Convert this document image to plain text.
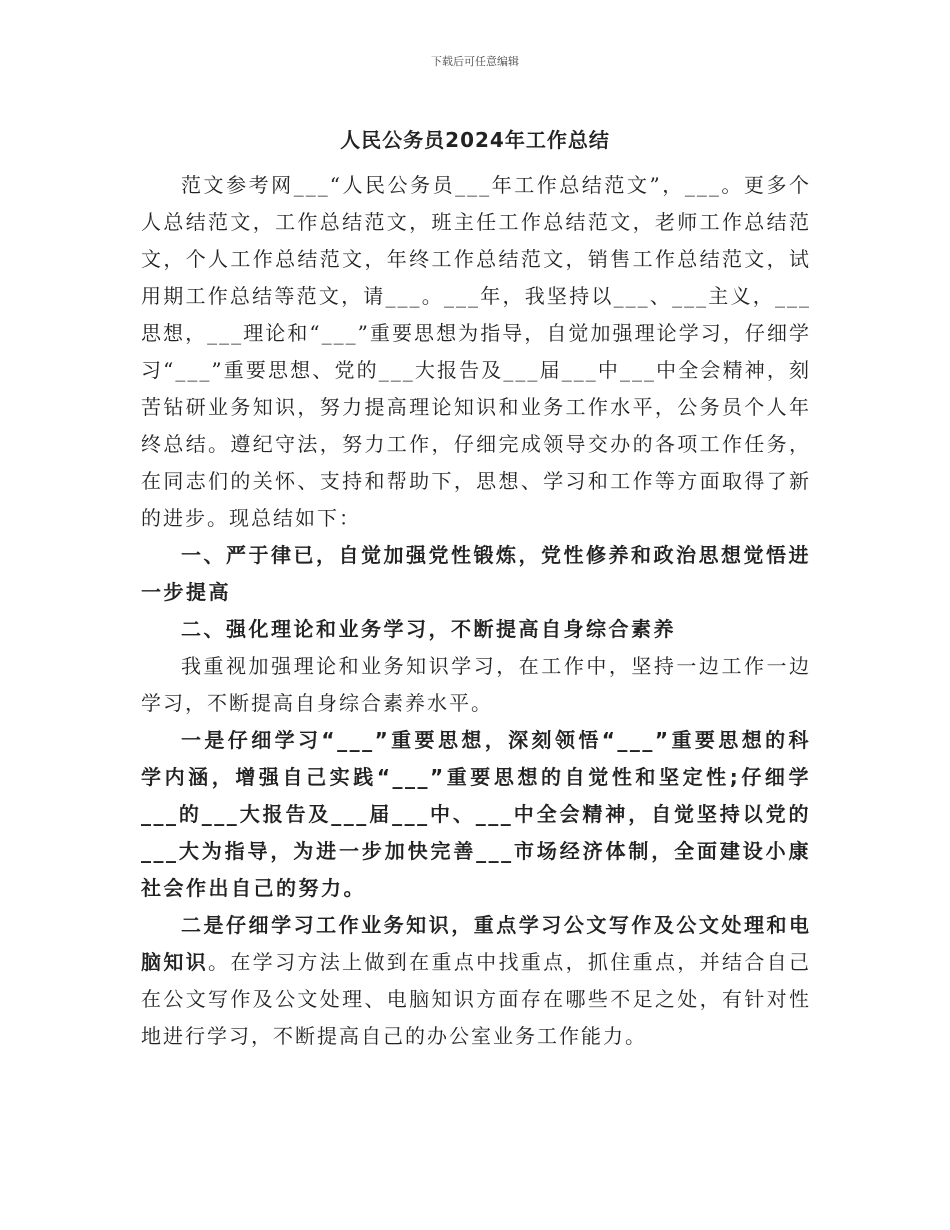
下载后可任意编辑
人民公务员2024年工作总结

范文参考网___“人民公务员___年工作总结范文”，___。更多个人总结范文，工作总结范文，班主任工作总结范文，老师工作总结范文，个人工作总结范文，年终工作总结范文，销售工作总结范文，试用期工作总结等范文，请___。___年，我坚持以___、___主义，___思想，___理论和“___”重要思想为指导，自觉加强理论学习，仔细学习“___”重要思想、党的___大报告及___届___中___中全会精神，刻苦钻研业务知识，努力提高理论知识和业务工作水平，公务员个人年终总结。遵纪守法，努力工作，仔细完成领导交办的各项工作任务，在同志们的关怀、支持和帮助下，思想、学习和工作等方面取得了新的进步。现总结如下：

一、严于律已，自觉加强党性锻炼，党性修养和政治思想觉悟进一步提高

二、强化理论和业务学习，不断提高自身综合素养

我重视加强理论和业务知识学习，在工作中，坚持一边工作一边学习，不断提高自身综合素养水平。

一是仔细学习“___”重要思想，深刻领悟“___”重要思想的科学内涵，增强自己实践“___”重要思想的自觉性和坚定性;仔细学___的___大报告及___届___中、___中全会精神，自觉坚持以党的___大为指导，为进一步加快完善___市场经济体制，全面建设小康社会作出自己的努力。

二是仔细学习工作业务知识，重点学习公文写作及公文处理和电脑知识。在学习方法上做到在重点中找重点，抓住重点，并结合自己在公文写作及公文处理、电脑知识方面存在哪些不足之处，有针对性地进行学习，不断提高自己的办公室业务工作能力。
